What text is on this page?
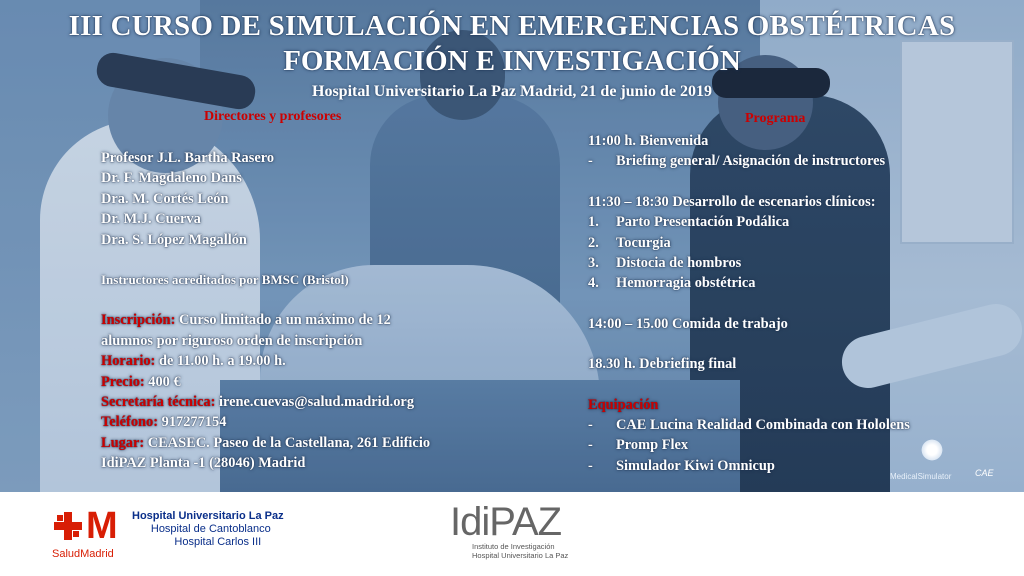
III CURSO DE SIMULACIÓN EN EMERGENCIAS OBSTÉTRICAS
FORMACIÓN E INVESTIGACIÓN
Hospital Universitario La Paz Madrid, 21 de junio de 2019
Directores y profesores	Programa
Profesor J.L. Bartha Rasero
Dr. F. Magdaleno Dans
Dra. M. Cortés León
Dr. M.J. Cuerva
Dra. S. López Magallón
Instructores acreditados por BMSC (Bristol)
Inscripción: Curso limitado a un máximo de 12
alumnos por riguroso orden de inscripción
Horario: de 11.00 h. a 19.00 h.
Precio: 400 €
Secretaría técnica: irene.cuevas@salud.madrid.org
Teléfono: 917277154
Lugar: CEASEC. Paseo de la Castellana, 261 Edificio
IdiPAZ Planta -1 (28046) Madrid
11:00 h. Bienvenida
-	Briefing general/ Asignación de instructores
11:30 – 18:30 Desarrollo de escenarios clínicos:
1.	Parto Presentación Podálica
2.	Tocurgia
3.	Distocia de hombros
4.	Hemorragia obstétrica
14:00 – 15.00 Comida de trabajo
18.30 h. Debriefing final
Equipación
-	CAE Lucina Realidad Combinada con Hololens
-	Promp Flex
-	Simulador Kiwi Omnicup
MedicalSimulator	CAE
M
SaludMadrid
Hospital Universitario La Paz
Hospital de Cantoblanco
Hospital Carlos III	IdiPAZ
Instituto de Investigación
Hospital Universitario La Paz
